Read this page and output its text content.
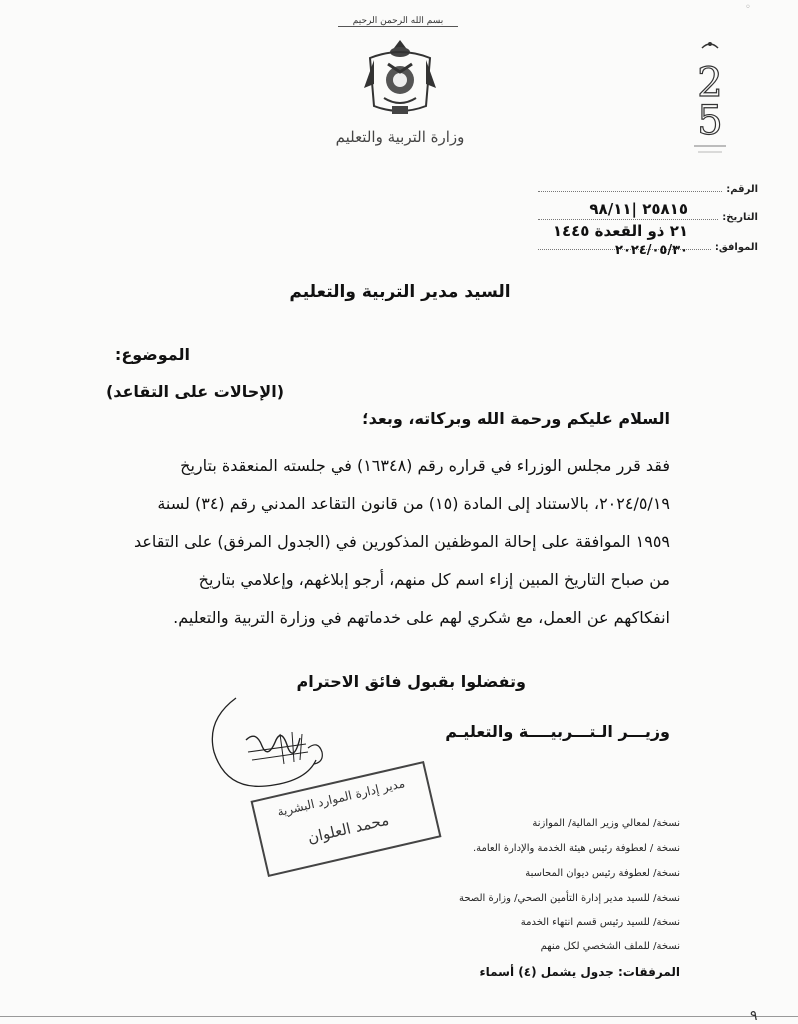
بسم الله الرحمن الرحيم
وزارة التربية والتعليم
2
5
◦
الرقم:
٢٥٨١٥ |٩٨/١١	التاريخ:
٢١ ذو القعدة ١٤٤٥
الموافق:
٢٠٢٤/٠٥/٣٠
السيد مدير التربية والتعليم
الموضوع:
(الإحالات على التقاعد)
السلام عليكم ورحمة الله وبركاته، وبعد؛
فقد قرر مجلس الوزراء في قراره رقم (١٦٣٤٨) في جلسته المنعقدة بتاريخ
٢٠٢٤/٥/١٩، بالاستناد إلى المادة (١٥) من قانون التقاعد المدني رقم (٣٤) لسنة
١٩٥٩ الموافقة على إحالة الموظفين المذكورين في (الجدول المرفق) على التقاعد
من صباح التاريخ المبين إزاء اسم كل منهم، أرجو إبلاغهم، وإعلامي بتاريخ
انفكاكهم عن العمل، مع شكري لهم على خدماتهم في وزارة التربية والتعليم.
وتفضلوا بقبول فائق الاحترام
وزيـــر الـتـــربيــــة والتعليـم
مدير إدارة الموارد البشرية
محمد العلوان	نسخة/ لمعالي وزير المالية/ الموازنة
نسخة / لعطوفة رئيس هيئة الخدمة والإدارة العامة.
نسخة/ لعطوفة رئيس ديوان المحاسبة
نسخة/ للسيد مدير إدارة التأمين الصحي/ وزارة الصحة
نسخة/ للسيد رئيس قسم انتهاء الخدمة
نسخة/ للملف الشخصي لكل منهم
المرفقات: جدول يشمل (٤) أسماء
٩
